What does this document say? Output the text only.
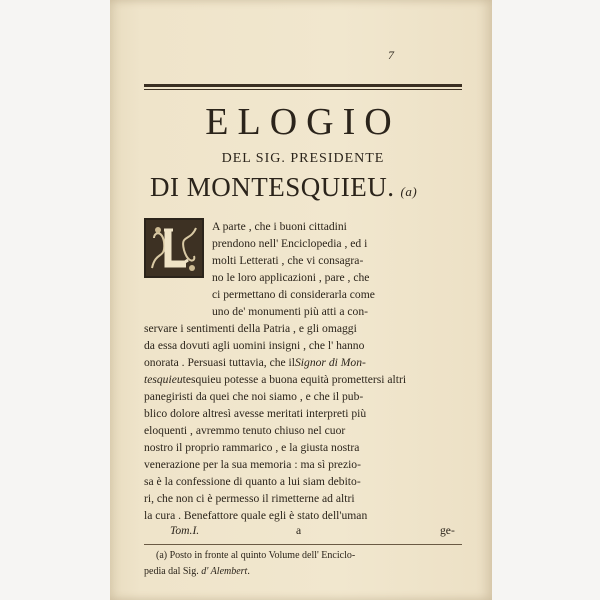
7
ELOGIO
DEL SIG. PRESIDENTE
DI MONTESQUIEU. (a)
A parte , che i buoni cittadini
prendono nell' Enciclopedia , ed i
molti Letterati , che vi consagra-
no le loro applicazioni , pare , che
ci permettano di considerarla come
uno de' monumenti più atti a con-
servare i sentimenti della Patria , e gli omaggi
da essa dovuti agli uomini insigni , che l' hanno
onorata . Persuasi tuttavia, che ilSignor di Mon-
tesquieutesquieu potesse a buona equità promettersi altri
panegiristi da quei che noi siamo , e che il pub-
blico dolore altresì avesse meritati interpreti più
eloquenti , avremmo tenuto chiuso nel cuor
nostro il proprio rammarico , e la giusta nostra
venerazione per la sua memoria : ma sì prezio-
sa è la confessione di quanto a lui siam debito-
ri, che non ci è permesso il rimetterne ad altri
la cura . Benefattore quale egli è stato dell'uman
Tom.I.	a	ge-
(a) Posto in fronte al quinto Volume dell' Enciclo-
pedia dal Sig. d' Alembert.
